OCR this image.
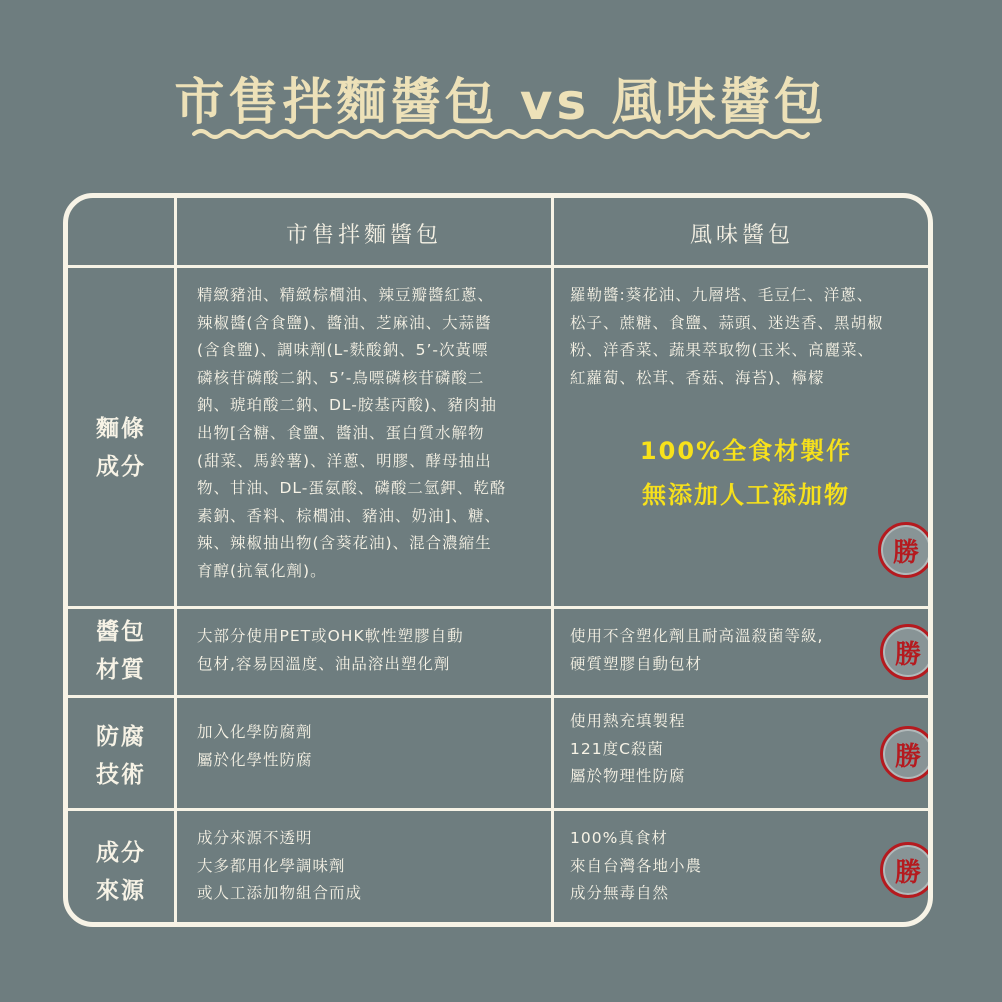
市售拌麵醬包 vs 風味醬包
市售拌麵醬包	風味醬包
麵條
成分
精緻豬油、精緻棕櫚油、辣豆瓣醬紅蔥、
辣椒醬(含食鹽)、醬油、芝麻油、大蒜醬
(含食鹽)、調味劑(L-麩酸鈉、5’-次黃嘌
磷核苷磷酸二鈉、5’-鳥嘌磷核苷磷酸二
鈉、琥珀酸二鈉、DL-胺基丙酸)、豬肉抽
出物[含糖、食鹽、醬油、蛋白質水解物
(甜菜、馬鈴薯)、洋蔥、明膠、酵母抽出
物、甘油、DL-蛋氨酸、磷酸二氫鉀、乾酪
素鈉、香料、棕櫚油、豬油、奶油]、糖、
辣、辣椒抽出物(含葵花油)、混合濃縮生
育醇(抗氧化劑)。
羅勒醬:葵花油、九層塔、毛豆仁、洋蔥、
松子、蔗糖、食鹽、蒜頭、迷迭香、黑胡椒
粉、洋香菜、蔬果萃取物(玉米、高麗菜、
紅蘿蔔、松茸、香菇、海苔)、檸檬
100%全食材製作
無添加人工添加物
醬包
材質
大部分使用PET或OHK軟性塑膠自動
包材,容易因溫度、油品溶出塑化劑
使用不含塑化劑且耐高溫殺菌等級,
硬質塑膠自動包材
防腐
技術
加入化學防腐劑
屬於化學性防腐
使用熱充填製程
121度C殺菌
屬於物理性防腐
成分
來源
成分來源不透明
大多都用化學調味劑
或人工添加物組合而成
100%真食材
來自台灣各地小農
成分無毒自然
勝
勝
勝
勝
